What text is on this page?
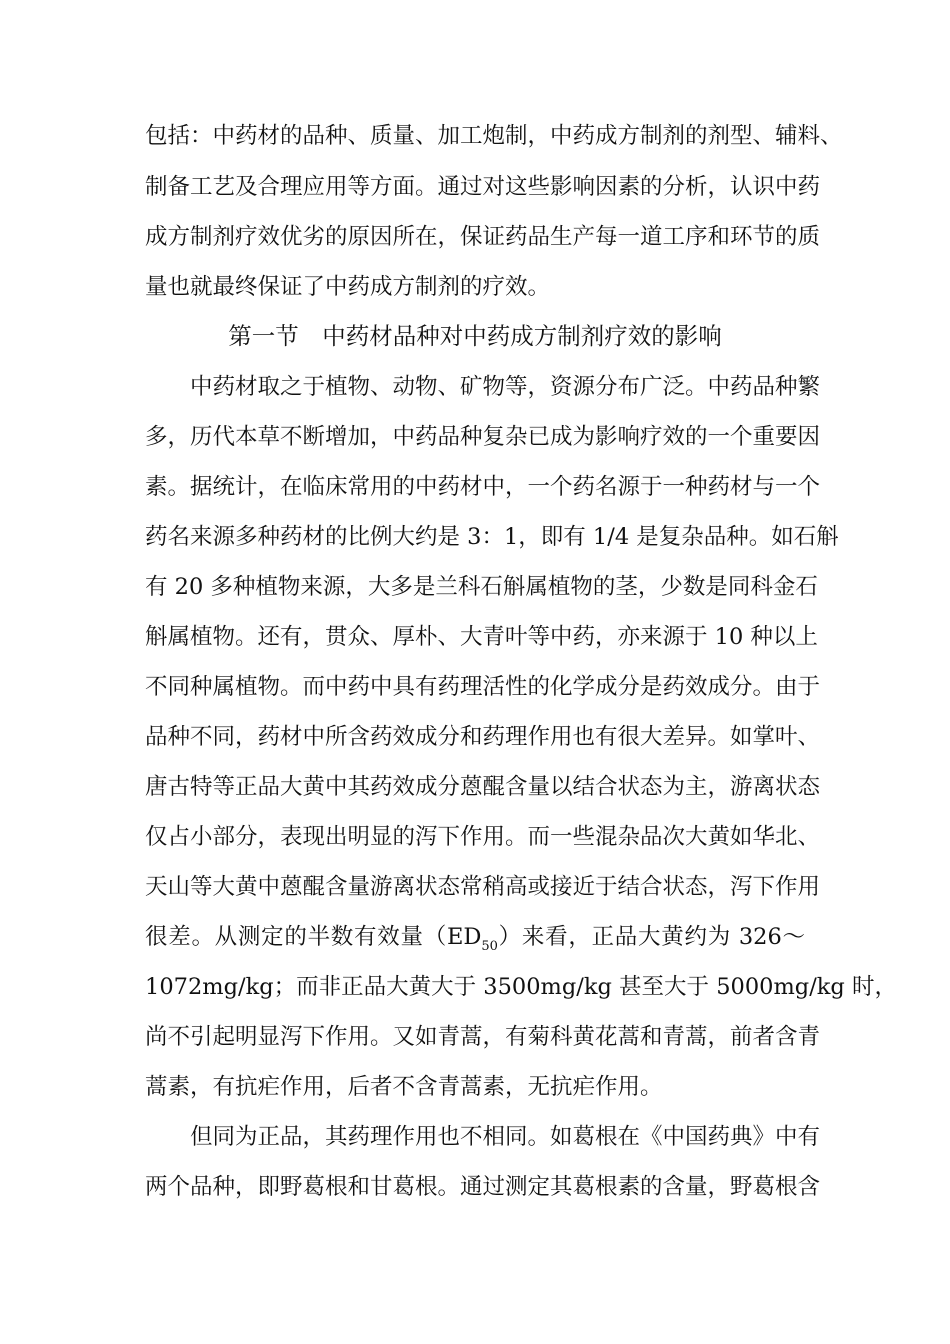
包括：中药材的品种、质量、加工炮制，中药成方制剂的剂型、辅料、
制备工艺及合理应用等方面。通过对这些影响因素的分析，认识中药
成方制剂疗效优劣的原因所在，保证药品生产每一道工序和环节的质
量也就最终保证了中药成方制剂的疗效。
第一节　中药材品种对中药成方制剂疗效的影响
中药材取之于植物、动物、矿物等，资源分布广泛。中药品种繁
多，历代本草不断增加，中药品种复杂已成为影响疗效的一个重要因
素。据统计，在临床常用的中药材中，一个药名源于一种药材与一个
药名来源多种药材的比例大约是 3：1，即有 1/4 是复杂品种。如石斛
有 20 多种植物来源，大多是兰科石斛属植物的茎，少数是同科金石
斛属植物。还有，贯众、厚朴、大青叶等中药，亦来源于 10 种以上
不同种属植物。而中药中具有药理活性的化学成分是药效成分。由于
品种不同，药材中所含药效成分和药理作用也有很大差异。如掌叶、
唐古特等正品大黄中其药效成分蒽醌含量以结合状态为主，游离状态
仅占小部分，表现出明显的泻下作用。而一些混杂品次大黄如华北、
天山等大黄中蒽醌含量游离状态常稍高或接近于结合状态，泻下作用
很差。从测定的半数有效量$(ED_{50})$来看，正品大黄约为 326～
1072mg/kg；而非正品大黄大于 3500mg/kg 甚至大于 5000mg/kg 时，
尚不引起明显泻下作用。又如青蒿，有菊科黄花蒿和青蒿，前者含青
蒿素，有抗疟作用，后者不含青蒿素，无抗疟作用。
但同为正品，其药理作用也不相同。如葛根在《中国药典》中有
两个品种，即野葛根和甘葛根。通过测定其葛根素的含量，野葛根含
